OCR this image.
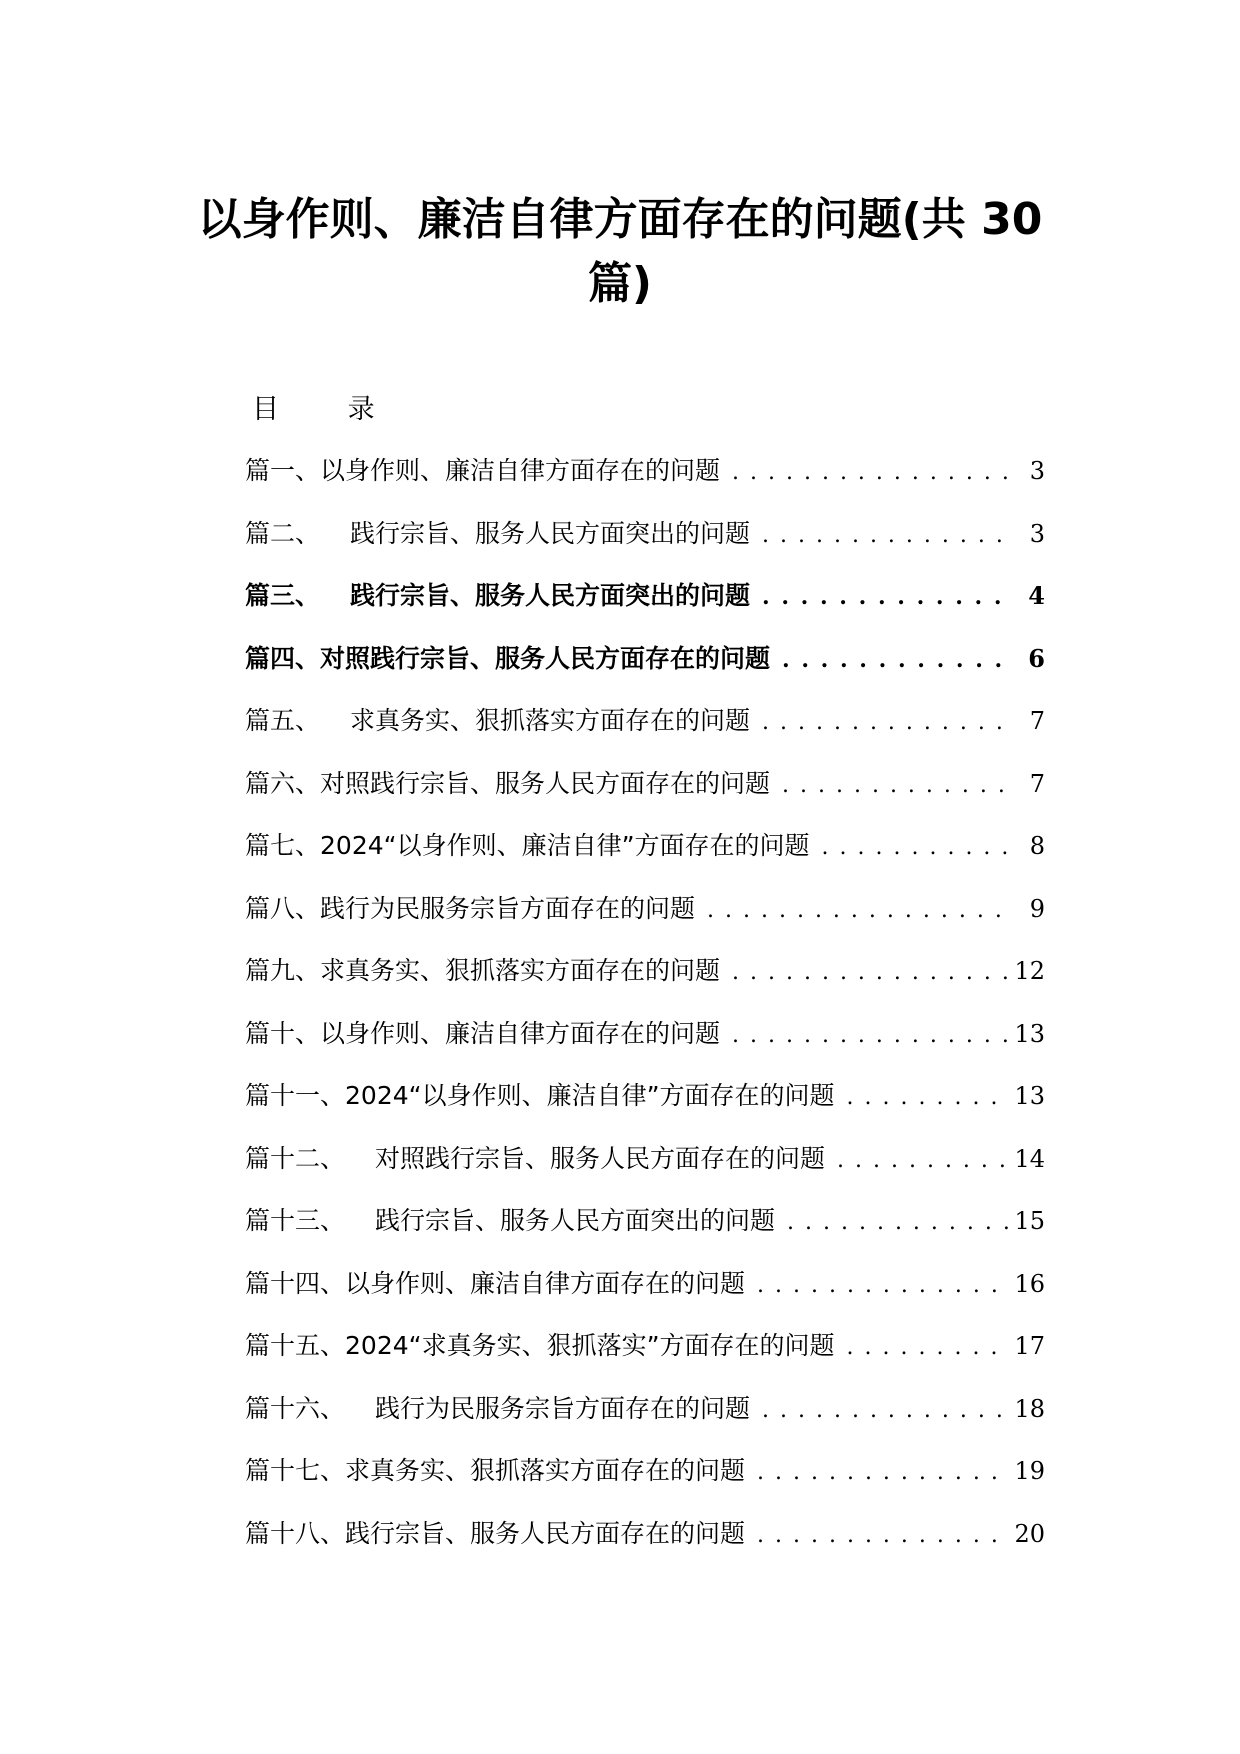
以身作则、廉洁自律方面存在的问题(共 30 篇)
目 录
篇一、 以身作则、廉洁自律方面存在的问题 . . .	3
篇二、 践行宗旨、服务人民方面突出的问题 . . .	3
篇三、 践行宗旨、服务人民方面突出的问题 . . .	4
篇四、 对照践行宗旨、服务人民方面存在的问题 . . .	6
篇五、 求真务实、狠抓落实方面存在的问题 . . .	7
篇六、 对照践行宗旨、服务人民方面存在的问题 . . .	7
篇七、 2024“以身作则、廉洁自律”方面存在的问题 . . .	8
篇八、 践行为民服务宗旨方面存在的问题 . . .	9
篇九、 求真务实、狠抓落实方面存在的问题 . . .	12
篇十、 以身作则、廉洁自律方面存在的问题 . . .	13
篇十一、 2024“以身作则、廉洁自律”方面存在的问题 . . .	13
篇十二、 对照践行宗旨、服务人民方面存在的问题 . . .	14
篇十三、 践行宗旨、服务人民方面突出的问题 . . .	15
篇十四、 以身作则、廉洁自律方面存在的问题 . . .	16
篇十五、 2024“求真务实、狠抓落实”方面存在的问题 . . .	17
篇十六、 践行为民服务宗旨方面存在的问题 . . .	18
篇十七、 求真务实、狠抓落实方面存在的问题 . . .	19
篇十八、 践行宗旨、服务人民方面存在的问题 . . .	20
